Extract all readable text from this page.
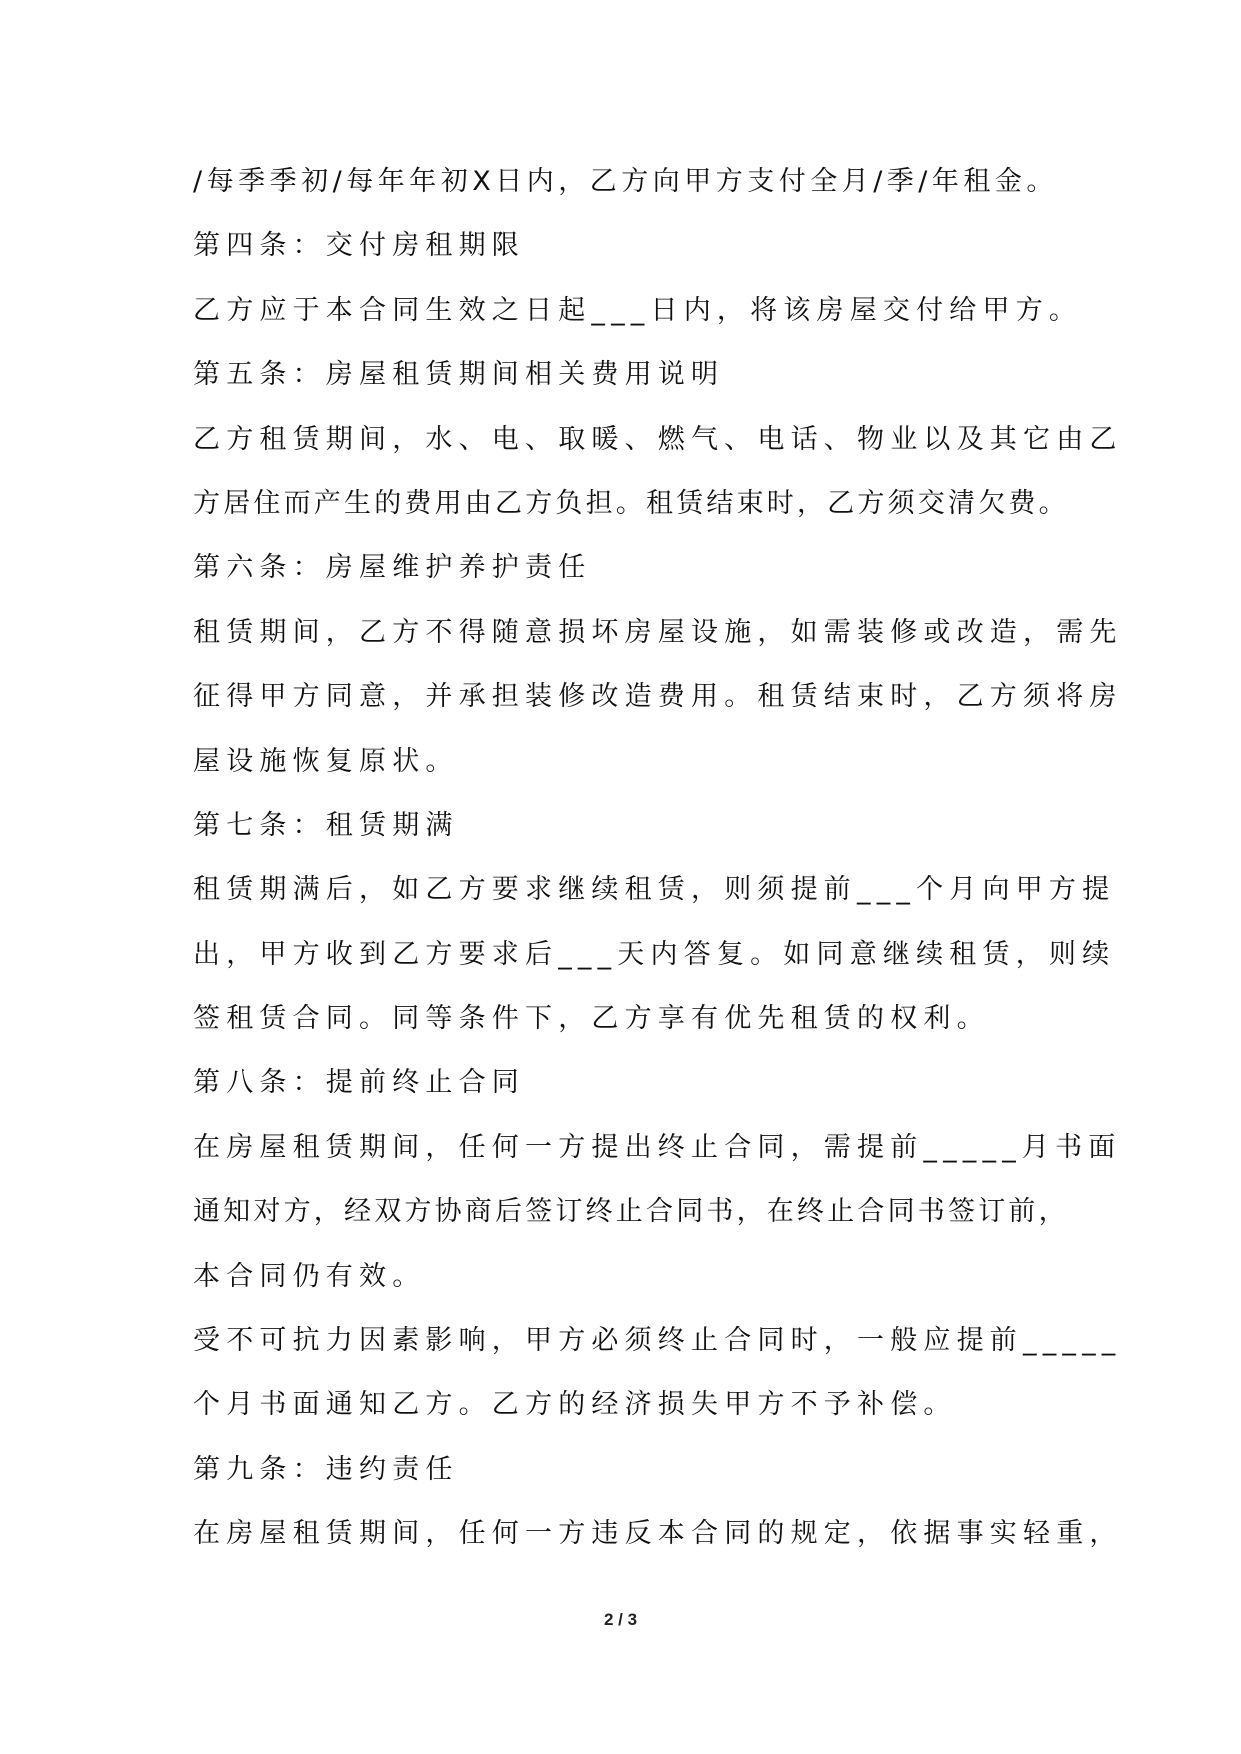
/每季季初/每年年初X日内，乙方向甲方支付全月/季/年租金。
第四条：交付房租期限
乙方应于本合同生效之日起___日内，将该房屋交付给甲方。
第五条：房屋租赁期间相关费用说明
乙方租赁期间，水、电、取暖、燃气、电话、物业以及其它由乙
方居住而产生的费用由乙方负担。租赁结束时，乙方须交清欠费。
第六条：房屋维护养护责任
租赁期间，乙方不得随意损坏房屋设施，如需装修或改造，需先
征得甲方同意，并承担装修改造费用。租赁结束时，乙方须将房
屋设施恢复原状。
第七条：租赁期满
租赁期满后，如乙方要求继续租赁，则须提前___个月向甲方提
出，甲方收到乙方要求后___天内答复。如同意继续租赁，则续
签租赁合同。同等条件下，乙方享有优先租赁的权利。
第八条：提前终止合同
在房屋租赁期间，任何一方提出终止合同，需提前_____月书面
通知对方，经双方协商后签订终止合同书，在终止合同书签订前，
本合同仍有效。
受不可抗力因素影响，甲方必须终止合同时，一般应提前_____
个月书面通知乙方。乙方的经济损失甲方不予补偿。
第九条：违约责任
在房屋租赁期间，任何一方违反本合同的规定，依据事实轻重，
2 / 3
